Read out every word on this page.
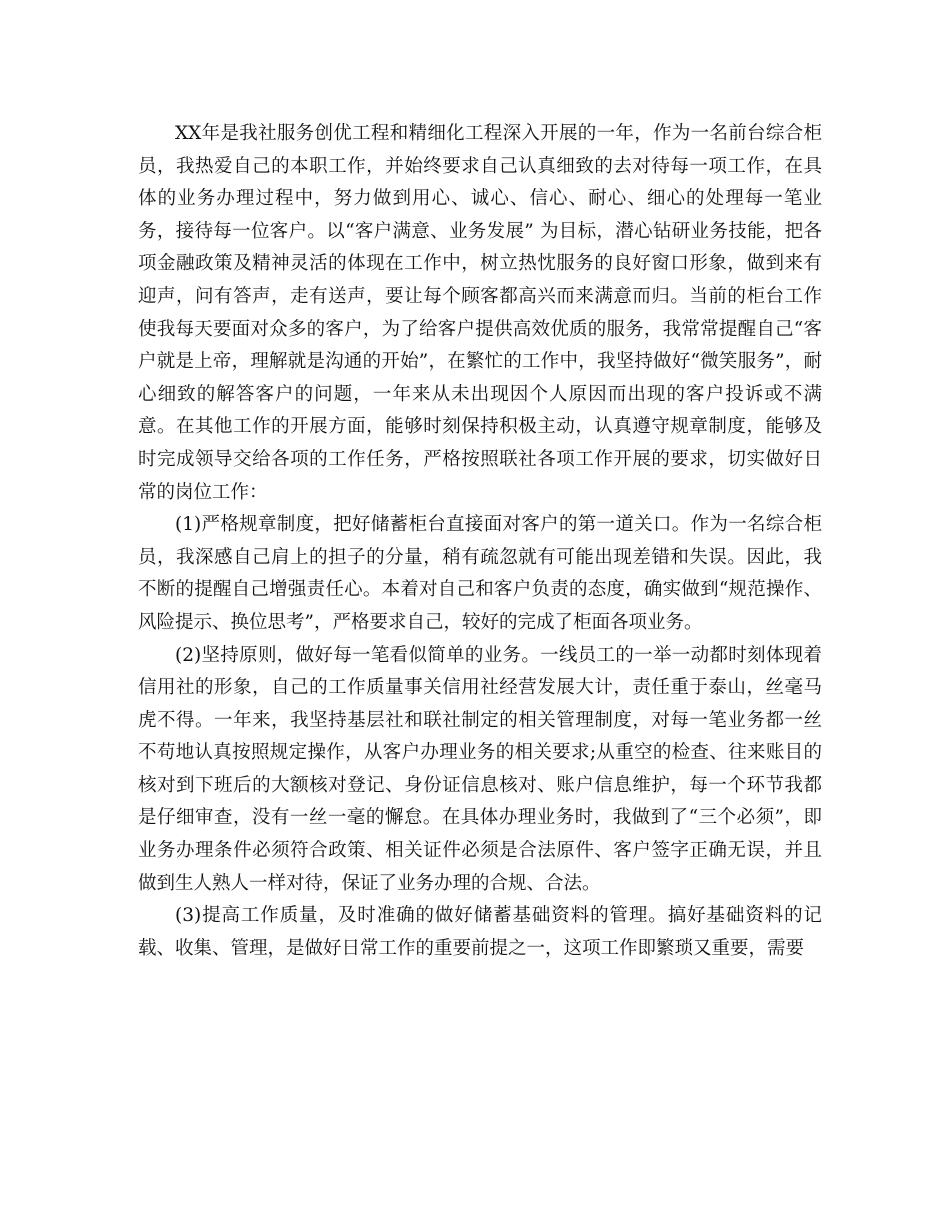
XX年是我社服务创优工程和精细化工程深入开展的一年，作为一名前台综合柜员，我热爱自己的本职工作，并始终要求自己认真细致的去对待每一项工作，在具体的业务办理过程中，努力做到用心、诚心、信心、耐心、细心的处理每一笔业务，接待每一位客户。以“客户满意、业务发展” 为目标，潜心钻研业务技能，把各项金融政策及精神灵活的体现在工作中，树立热忱服务的良好窗口形象，做到来有迎声，问有答声，走有送声，要让每个顾客都高兴而来满意而归。当前的柜台工作使我每天要面对众多的客户，为了给客户提供高效优质的服务，我常常提醒自己“客户就是上帝，理解就是沟通的开始”，在繁忙的工作中，我坚持做好“微笑服务”，耐心细致的解答客户的问题，一年来从未出现因个人原因而出现的客户投诉或不满意。在其他工作的开展方面，能够时刻保持积极主动，认真遵守规章制度，能够及时完成领导交给各项的工作任务，严格按照联社各项工作开展的要求，切实做好日常的岗位工作：

(1)严格规章制度，把好储蓄柜台直接面对客户的第一道关口。作为一名综合柜员，我深感自己肩上的担子的分量，稍有疏忽就有可能出现差错和失误。因此，我不断的提醒自己增强责任心。本着对自己和客户负责的态度，确实做到“规范操作、风险提示、换位思考”，严格要求自己，较好的完成了柜面各项业务。

(2)坚持原则，做好每一笔看似简单的业务。一线员工的一举一动都时刻体现着信用社的形象，自己的工作质量事关信用社经营发展大计，责任重于泰山，丝毫马虎不得。一年来，我坚持基层社和联社制定的相关管理制度，对每一笔业务都一丝不苟地认真按照规定操作，从客户办理业务的相关要求;从重空的检查、往来账目的核对到下班后的大额核对登记、身份证信息核对、账户信息维护，每一个环节我都是仔细审查，没有一丝一毫的懈怠。在具体办理业务时，我做到了“三个必须”，即业务办理条件必须符合政策、相关证件必须是合法原件、客户签字正确无误，并且做到生人熟人一样对待，保证了业务办理的合规、合法。

(3)提高工作质量，及时准确的做好储蓄基础资料的管理。搞好基础资料的记载、收集、管理，是做好日常工作的重要前提之一，这项工作即繁琐又重要，需要
